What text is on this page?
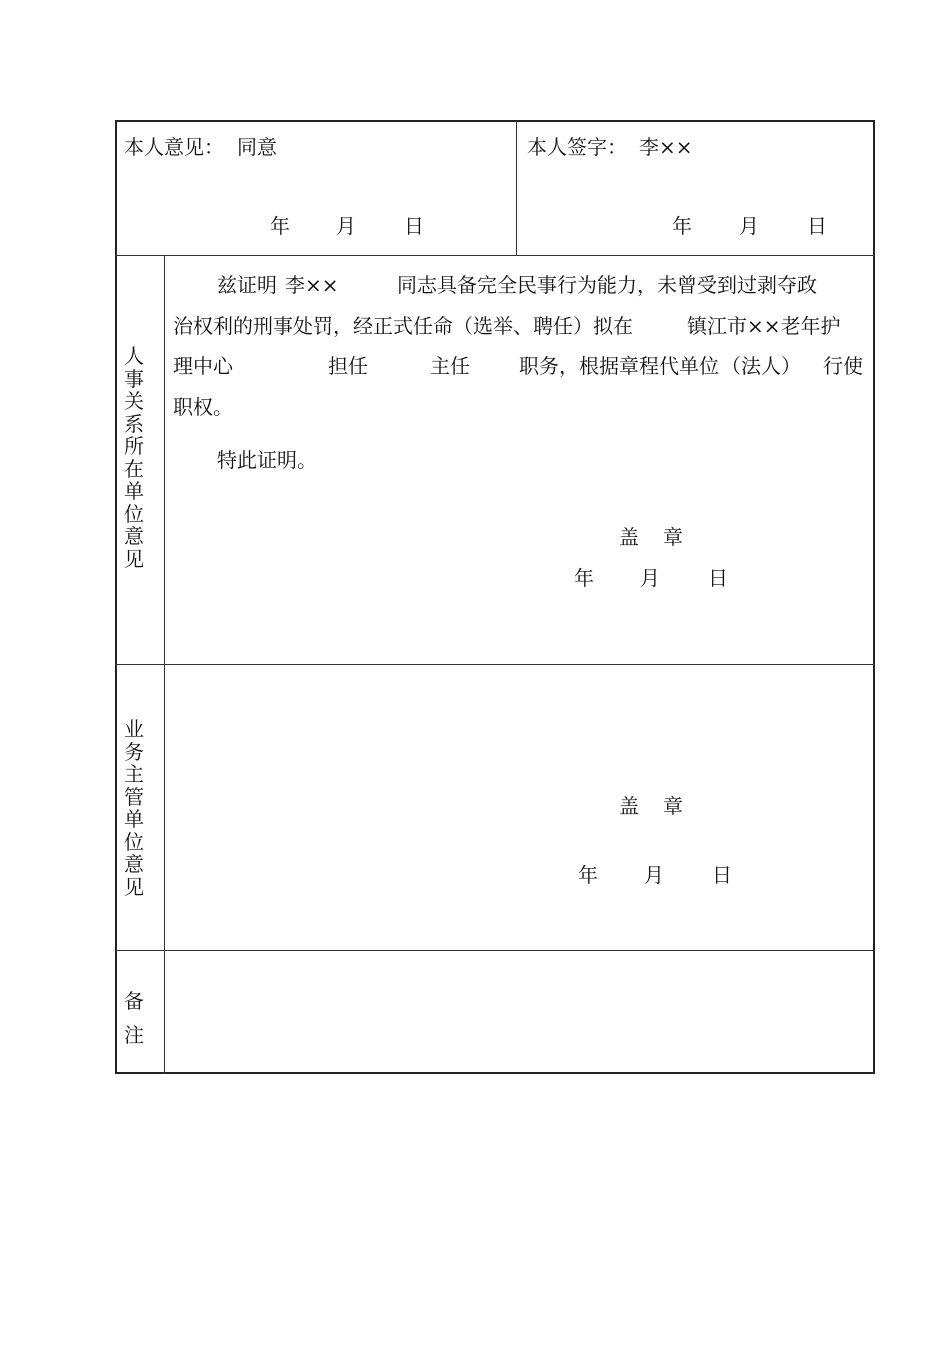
本人意见： 同意
年 月 日
本人签字： 李××
年 月 日
人事关系所在单位意见
兹证明 李××	同志具备完全民事行为能力，未曾受到过剥夺政
治权利的刑事处罚，经正式任命（选举、聘任）拟在	镇江市××老年护
理中心	担任	主任 职务，根据章程代单位 （法人） 行使
职权。
特此证明。
盖 章
年 月 日
业务主管单位意见
盖 章
年 月 日
备注
